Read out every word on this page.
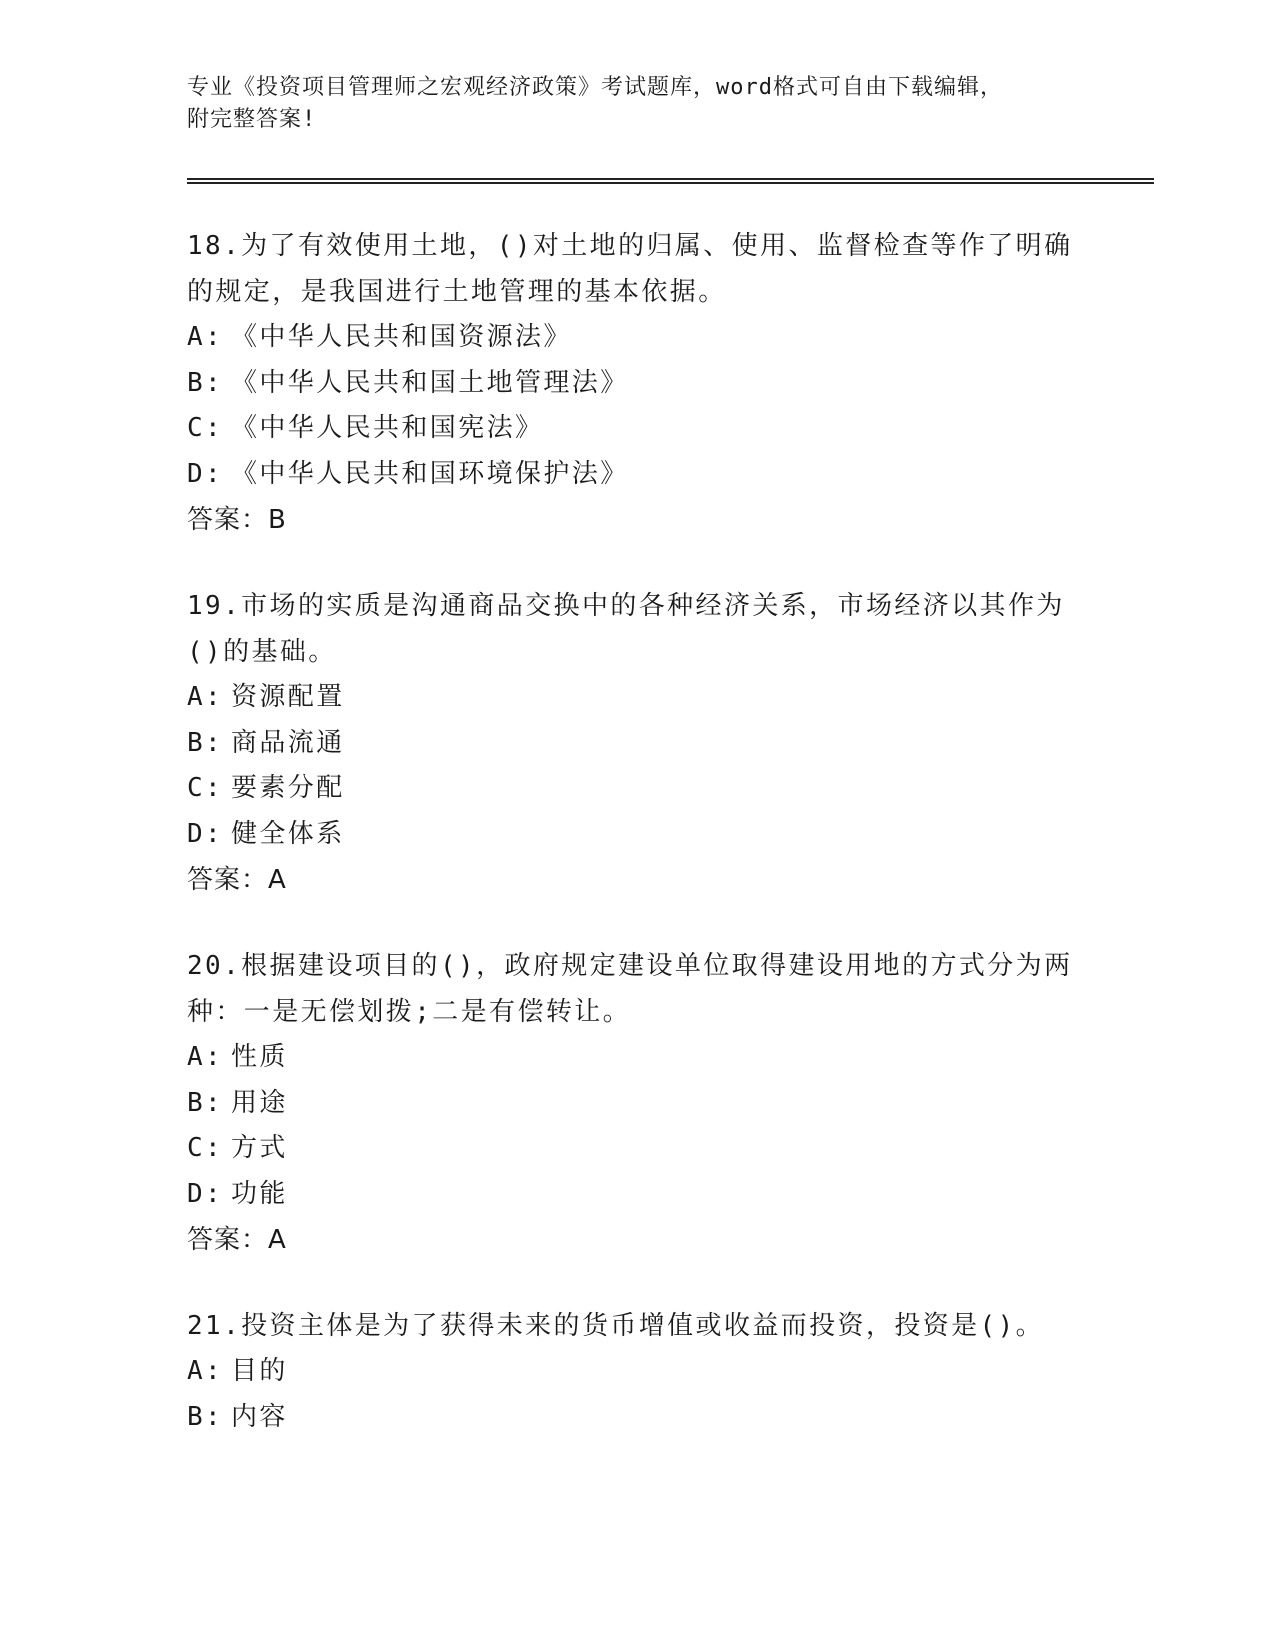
专业《投资项目管理师之宏观经济政策》考试题库，word格式可自由下载编辑，
附完整答案!

18.为了有效使用土地，()对土地的归属、使用、监督检查等作了明确

的规定，是我国进行土地管理的基本依据。

A: 《中华人民共和国资源法》

B: 《中华人民共和国土地管理法》

C: 《中华人民共和国宪法》

D: 《中华人民共和国环境保护法》

答案：B

19.市场的实质是沟通商品交换中的各种经济关系，市场经济以其作为

()的基础。

A: 资源配置

B: 商品流通

C: 要素分配

D: 健全体系

答案：A

20.根据建设项目的()，政府规定建设单位取得建设用地的方式分为两

种：一是无偿划拨;二是有偿转让。

A: 性质

B: 用途

C: 方式

D: 功能

答案：A

21.投资主体是为了获得未来的货币增值或收益而投资，投资是()。

A: 目的

B: 内容
